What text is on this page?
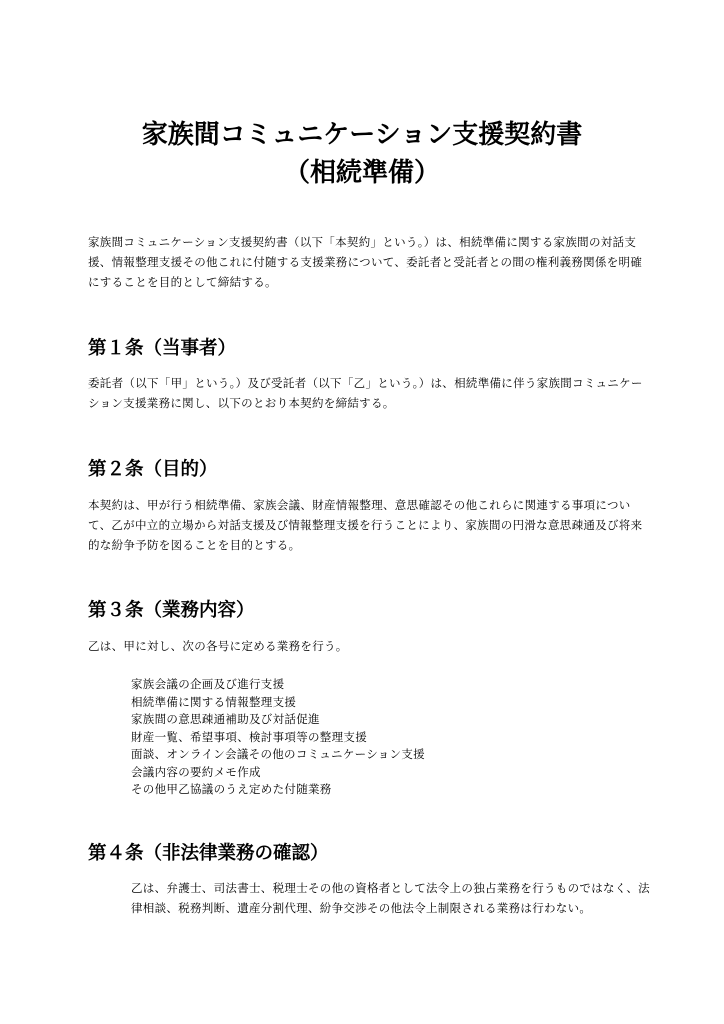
家族間コミュニケーション支援契約書
（相続準備）
家族間コミュニケーション支援契約書（以下「本契約」という。）は、相続準備に関する家族間の対話支援、情報整理支援その他これに付随する支援業務について、委託者と受託者との間の権利義務関係を明確にすることを目的として締結する。
第１条（当事者）
委託者（以下「甲」という。）及び受託者（以下「乙」という。）は、相続準備に伴う家族間コミュニケーション支援業務に関し、以下のとおり本契約を締結する。
第２条（目的）
本契約は、甲が行う相続準備、家族会議、財産情報整理、意思確認その他これらに関連する事項について、乙が中立的立場から対話支援及び情報整理支援を行うことにより、家族間の円滑な意思疎通及び将来的な紛争予防を図ることを目的とする。
第３条（業務内容）
乙は、甲に対し、次の各号に定める業務を行う。
家族会議の企画及び進行支援
相続準備に関する情報整理支援
家族間の意思疎通補助及び対話促進
財産一覧、希望事項、検討事項等の整理支援
面談、オンライン会議その他のコミュニケーション支援
会議内容の要約メモ作成
その他甲乙協議のうえ定めた付随業務
第４条（非法律業務の確認）
乙は、弁護士、司法書士、税理士その他の資格者として法令上の独占業務を行うものではなく、法律相談、税務判断、遺産分割代理、紛争交渉その他法令上制限される業務は行わない。
